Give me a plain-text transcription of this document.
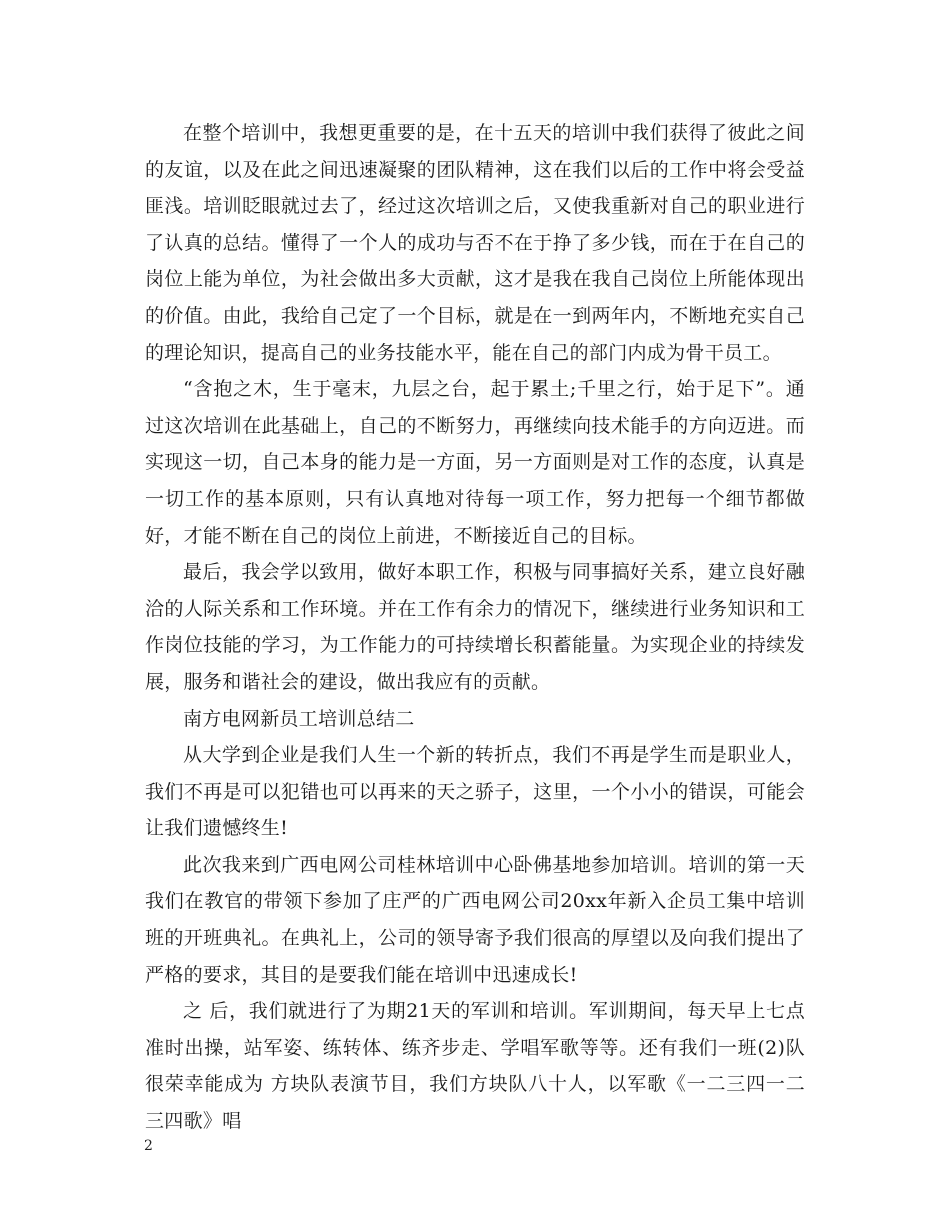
在整个培训中，我想更重要的是，在十五天的培训中我们获得了彼此之间的友谊，以及在此之间迅速凝聚的团队精神，这在我们以后的工作中将会受益匪浅。培训眨眼就过去了，经过这次培训之后，又使我重新对自己的职业进行了认真的总结。懂得了一个人的成功与否不在于挣了多少钱，而在于在自己的岗位上能为单位，为社会做出多大贡献，这才是我在我自己岗位上所能体现出的价值。由此，我给自己定了一个目标，就是在一到两年内，不断地充实自己的理论知识，提高自己的业务技能水平，能在自己的部门内成为骨干员工。

“含抱之木，生于毫末，九层之台，起于累土;千里之行，始于足下”。通过这次培训在此基础上，自己的不断努力，再继续向技术能手的方向迈进。而实现这一切，自己本身的能力是一方面，另一方面则是对工作的态度，认真是一切工作的基本原则，只有认真地对待每一项工作，努力把每一个细节都做好，才能不断在自己的岗位上前进，不断接近自己的目标。

最后，我会学以致用，做好本职工作，积极与同事搞好关系，建立良好融洽的人际关系和工作环境。并在工作有余力的情况下，继续进行业务知识和工作岗位技能的学习，为工作能力的可持续增长积蓄能量。为实现企业的持续发展，服务和谐社会的建设，做出我应有的贡献。

南方电网新员工培训总结二

从大学到企业是我们人生一个新的转折点，我们不再是学生而是职业人，我们不再是可以犯错也可以再来的天之骄子，这里，一个小小的错误，可能会让我们遗憾终生!

此次我来到广西电网公司桂林培训中心卧佛基地参加培训。培训的第一天我们在教官的带领下参加了庄严的广西电网公司20xx年新入企员工集中培训班的开班典礼。在典礼上，公司的领导寄予我们很高的厚望以及向我们提出了严格的要求，其目的是要我们能在培训中迅速成长!

之 后，我们就进行了为期21天的军训和培训。军训期间，每天早上七点准时出操，站军姿、练转体、练齐步走、学唱军歌等等。还有我们一班(2)队很荣幸能成为 方块队表演节目，我们方块队八十人，以军歌《一二三四一二三四歌》唱

2
